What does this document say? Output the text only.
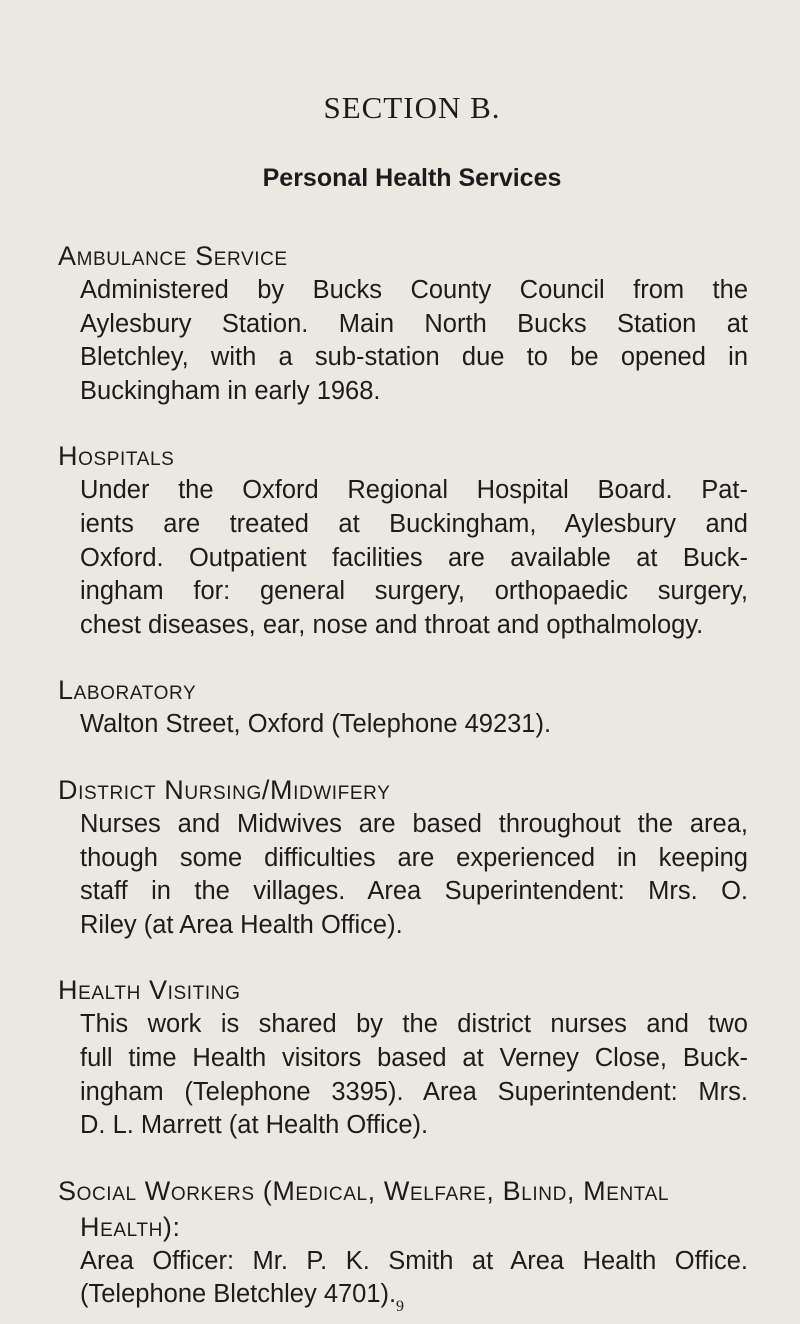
SECTION B.
Personal Health Services
Ambulance Service
Administered by Bucks County Council from the
Aylesbury Station. Main North Bucks Station at
Bletchley, with a sub-station due to be opened in
Buckingham in early 1968.
Hospitals
Under the Oxford Regional Hospital Board. Pat-
ients are treated at Buckingham, Aylesbury and
Oxford. Outpatient facilities are available at Buck-
ingham for: general surgery, orthopaedic surgery,
chest diseases, ear, nose and throat and opthalmology.
Laboratory
Walton Street, Oxford (Telephone 49231).
District Nursing/Midwifery
Nurses and Midwives are based throughout the area,
though some difficulties are experienced in keeping
staff in the villages. Area Superintendent: Mrs. O.
Riley (at Area Health Office).
Health Visiting
This work is shared by the district nurses and two
full time Health visitors based at Verney Close, Buck-
ingham (Telephone 3395). Area Superintendent: Mrs.
D. L. Marrett (at Health Office).
Social Workers (Medical, Welfare, Blind, Mental
Health):
Area Officer: Mr. P. K. Smith at Area Health Office.
(Telephone Bletchley 4701). 9
